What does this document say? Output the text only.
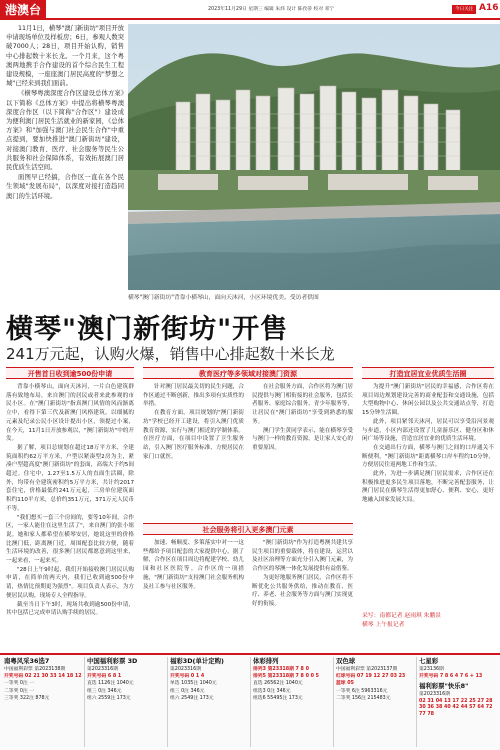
港澳台	2023年11月29日 星期三 编辑 朱炜 设计 陈孜蒂 校对 邓宁	今日关注 A16

11月1日，横琴"澳门新街坊"项目开放申请现场单位及样板房；6日，参观人数突破7000人；28日，项目开始认购，销售中心排起数十米长龙。一个月来，这个粤澳两地携手合作建设的首个综合民生工程建设规模，一座座澳门居民高度的"梦想之城"已经来到我们面前。

《横琴粤澳深度合作区建设总体方案》以下简称《总体方案》中提出将横琴粤澳深度合作区（以下简称"合作区"）建设成为便利澳门居民生活就业的新家园，《总体方案》和"加强与澳门社会民生合作"中重点提到，要加快推进"澳门新街坊"建设，对接澳门教育、医疗、社会服务等民生公共服务和社会保障体系，有效拓展澳门居民优质生活空间。

面图早已经搞，合作区一直在各个民生领域"发展布局"，以深度对接打造趋同澳门的生活环境。

横琴"澳门新街坊"背靠小横琴山，面向天沐河，小区环境优美。受访者供图
横琴"澳门新街坊"开售
241万元起，认购火爆，销售中心排起数十米长龙
开售首日收到逾500份申请	教育医疗等多领域对接澳门资源	打造宜居宜业优质生活圈

背靠小横琴山，面向天沐河，一片白色建筑群落有致地布局，来自澳门的居民或者来此参观的市民小区。在"澳门新街坊"指真澳门风情的风而渐离立中，看得下第三代及新澳门风格建筑，以细腻的元素及纪录公民小区设计提出小区，领提过小案，在今天，11月1日开放参观以，"澳门新街坊"中的开发。

据了解，项目总规划在超过18万平方米，全建筑面积约62万平方米，户型以紧凑型2房为主，紧凑户型超高度"澳门新街坊"的套面，高端大于约5间超过。住宅中，1.27至1.5万人的直面生活圈，除外，均带有全建筑密积约5万平方米，共计约2017套住宅，价格最低约241万元起，三房单位建筑面积约110平方米，总价约351万元，371万元人民币不等。

"我们想买一套三个房间的，要等10年间，合作区，一家人能住在这里生活了"，来自澳门的张小姐说。她和家人都希望在横琴安居，她说这里的价格比澳门低，距离澳门近，周围配套比较方便，随着生活环境的改善，很多澳门居民都愿意到这里来，一起来看，一起来买。

"28日上午9时起，我们开始接收澳门居民认购申请，在简单的两天内，我们已收到逾500份申请，热情比预期更为强烈"。项目负责人表示，为方便居民认购，现场专人全程指导。

截至当日下午3时，现场共收到逾500份申请，其中包括已完成申请认购手续的居民。

针对澳门居民最关切的民生问题，合作区通过不断创新，推出多项有实质性的举措。

在教育方面，项目规划的"澳门新街坊"学校已经开工建设，将引入澳门优质教育资源，实行与澳门相近的学制体系。在医疗方面，在项目中设置了卫生服务站，引入澳门医疗服务标准，方便居民在家门口就医。

在社会服务方面，合作区将为澳门居民提供与澳门相衔接的社会服务，包括长者服务、家庭综合服务、青少年服务等，让居民在"澳门新街坊"享受到熟悉的服务。

澳门学生黄同学表示，能在横琴享受与澳门一样的教育资源，是让家人安心的重要原因。

社会服务将引入更多澳门元素

加速、畅顺度、多策落实中对一一这些都给予项目配套的大家提供中心，据了解，合作区在项目周边将配建学校、幼儿园和社区医院等。合作区的一项措施，"澳门新街坊"支持澳门社会服务机构及社工参与社区服务。

"澳门新街坊"作为打造粤澳共建共享民生项目的重要载体，将在建设、运营以及社区治理等方面充分引入澳门元素，为合作区的琴澳一体化发展提供有益借鉴。

为更好地服务澳门居民，合作区将不断优化公共服务供给，推动在教育、医疗、养老、社会服务等方面与澳门实现更好的衔接。

为提升"澳门新街坊"居民的幸福感，合作区将在项目周边规划建设完善的商业配套和交通设施，包括大型购物中心、休闲公园以及公共交通站点等，打造15分钟生活圈。

此外，项目紧邻天沐河，居民可以享受沿河景观与步道，小区内部还设置了儿童游乐区、健身区和休闲广场等设施，营造宜居宜业的优质生活环境。

在交通出行方面，横琴与澳门之间的口岸通关不断便利，"澳门新街坊"距离横琴口岸车程约10分钟，方便居民往返两地工作和生活。

此外，为进一步满足澳门居民需求，合作区还在积极推进更多民生项目落地，不断完善配套服务，让澳门居民在横琴生活得更加舒心、便利、安心，更好地融入国家发展大局。

采写：南都记者 赵雨琪 朱鹏景
横琴 上午报记者
南粤风采36选7
中国福利彩票 第2023138期
开奖号码 02 21 30 33 14 18 12
一等奖 0注 一
二等奖 0注 一
三等奖 322注 878元
中国福利彩票 3D
第2023316期
开奖号码 6 8 1
直选 1126注 1040元
组三 0注 346元
组六 2559注 173元
福彩3D(单计定购)
第2023316期
开奖号码 0 1 4
单选 1035注 1040元
组三 0注 346元
组六 2549注 173元
体彩排列
排列3 第23318期 7 8 0
排列5 第23318期 7 8 0 0 5
直选 26562注 1040元
组选3 0注 346元
组选6 55495注 173元
双色球
中国福利彩票 第2023137期
红球号码 07 19 12 27 03 23
蓝球 05
一等奖 6注 5963316元
二等奖 156注 215483元
七星彩
第23136期
开奖号码 7 8 6 4 7 6 + 13
福利彩票"快乐8"
第2023316期
02 31 04 13 17 22 25 27 28 30 36 38 40 42 44 57 64 72 77 78
